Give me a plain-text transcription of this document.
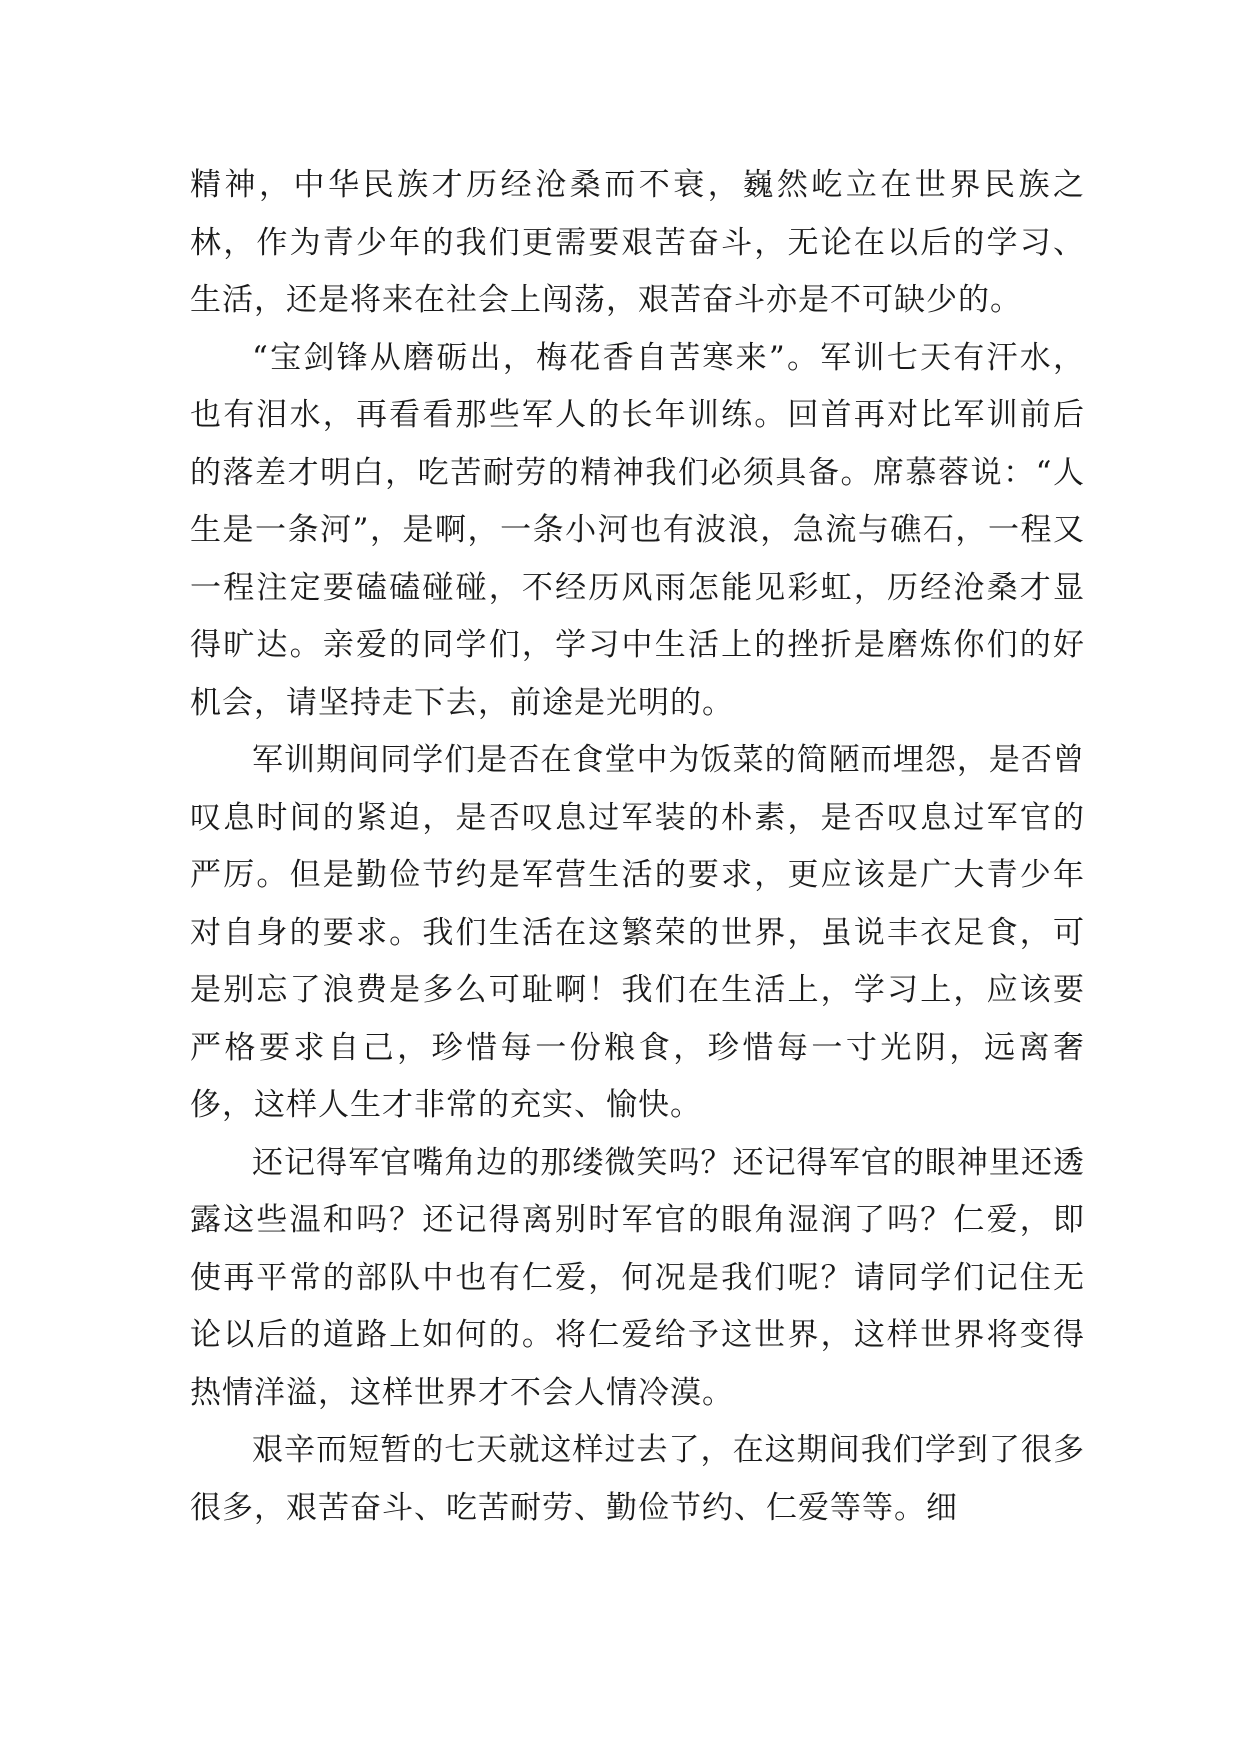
精神，中华民族才历经沧桑而不衰，巍然屹立在世界民族之林，作为青少年的我们更需要艰苦奋斗，无论在以后的学习、生活，还是将来在社会上闯荡，艰苦奋斗亦是不可缺少的。

“宝剑锋从磨砺出，梅花香自苦寒来”。军训七天有汗水，也有泪水，再看看那些军人的长年训练。回首再对比军训前后的落差才明白，吃苦耐劳的精神我们必须具备。席慕蓉说：“人生是一条河”，是啊，一条小河也有波浪，急流与礁石，一程又一程注定要磕磕碰碰，不经历风雨怎能见彩虹，历经沧桑才显得旷达。亲爱的同学们，学习中生活上的挫折是磨炼你们的好机会，请坚持走下去，前途是光明的。

军训期间同学们是否在食堂中为饭菜的简陋而埋怨，是否曾叹息时间的紧迫，是否叹息过军装的朴素，是否叹息过军官的严厉。但是勤俭节约是军营生活的要求，更应该是广大青少年对自身的要求。我们生活在这繁荣的世界，虽说丰衣足食，可是别忘了浪费是多么可耻啊！我们在生活上，学习上，应该要严格要求自己，珍惜每一份粮食，珍惜每一寸光阴，远离奢侈，这样人生才非常的充实、愉快。

还记得军官嘴角边的那缕微笑吗？还记得军官的眼神里还透露这些温和吗？还记得离别时军官的眼角湿润了吗？仁爱，即使再平常的部队中也有仁爱，何况是我们呢？请同学们记住无论以后的道路上如何的。将仁爱给予这世界，这样世界将变得热情洋溢，这样世界才不会人情冷漠。

艰辛而短暂的七天就这样过去了，在这期间我们学到了很多很多，艰苦奋斗、吃苦耐劳、勤俭节约、仁爱等等。细
